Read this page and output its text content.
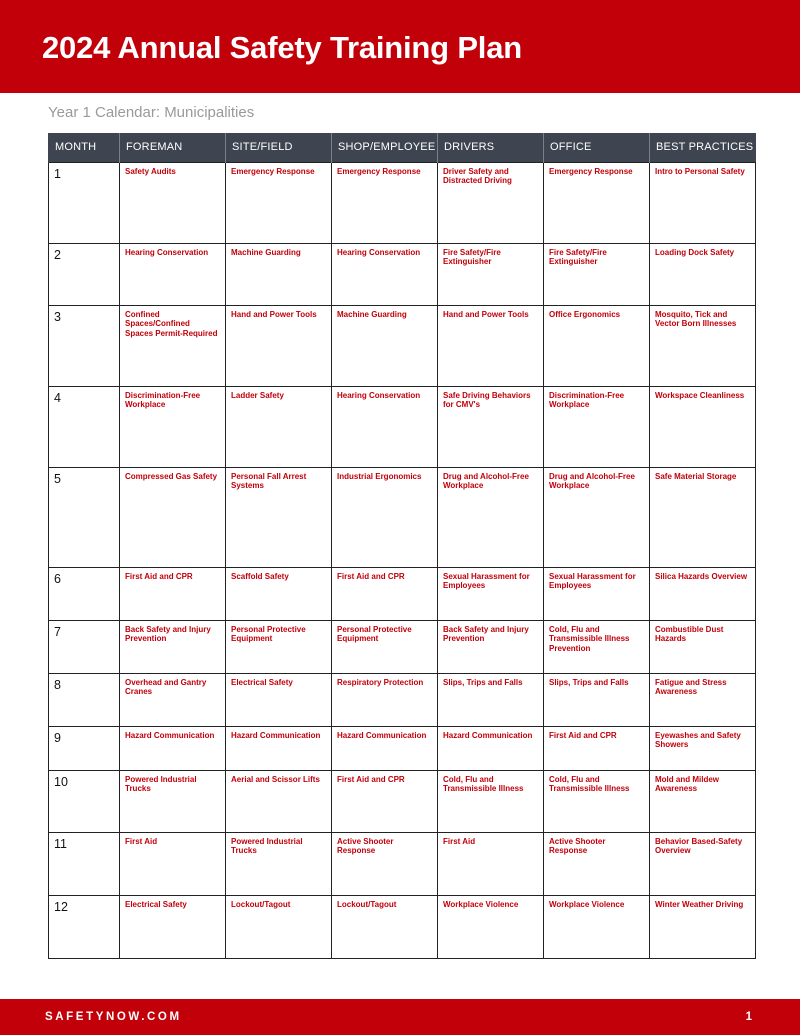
2024 Annual Safety Training Plan
Year 1 Calendar: Municipalities
MONTH	FOREMAN	SITE/FIELD	SHOP/EMPLOYEE	DRIVERS	OFFICE	BEST PRACTICES
1	Safety Audits	Emergency Response	Emergency Response	Driver Safety and Distracted Driving	Emergency Response	Intro to Personal Safety
2	Hearing Conservation	Machine Guarding	Hearing Conservation	Fire Safety/Fire Extinguisher	Fire Safety/Fire Extinguisher	Loading Dock Safety
3	Confined Spaces/Confined Spaces Permit-Required	Hand and Power Tools	Machine Guarding	Hand and Power Tools	Office Ergonomics	Mosquito, Tick and Vector Born Illnesses
4	Discrimination-Free Workplace	Ladder Safety	Hearing Conservation	Safe Driving Behaviors for CMV's	Discrimination-Free Workplace	Workspace Cleanliness
5	Compressed Gas Safety	Personal Fall Arrest Systems	Industrial Ergonomics	Drug and Alcohol-Free Workplace	Drug and Alcohol-Free Workplace	Safe Material Storage
6	First Aid and CPR	Scaffold Safety	First Aid and CPR	Sexual Harassment for Employees	Sexual Harassment for Employees	Silica Hazards Overview
7	Back Safety and Injury Prevention	Personal Protective Equipment	Personal Protective Equipment	Back Safety and Injury Prevention	Cold, Flu and Transmissible Illness Prevention	Combustible Dust Hazards
8	Overhead and Gantry Cranes	Electrical Safety	Respiratory Protection	Slips, Trips and Falls	Slips, Trips and Falls	Fatigue and Stress Awareness
9	Hazard Communication	Hazard Communication	Hazard Communication	Hazard Communication	First Aid and CPR	Eyewashes and Safety Showers
10	Powered Industrial Trucks	Aerial and Scissor Lifts	First Aid and CPR	Cold, Flu and Transmissible Illness	Cold, Flu and Transmissible Illness	Mold and Mildew Awareness
11	First Aid	Powered Industrial Trucks	Active Shooter Response	First Aid	Active Shooter Response	Behavior Based-Safety Overview
12	Electrical Safety	Lockout/Tagout	Lockout/Tagout	Workplace Violence	Workplace Violence	Winter Weather Driving
SAFETYNOW.COM	1
